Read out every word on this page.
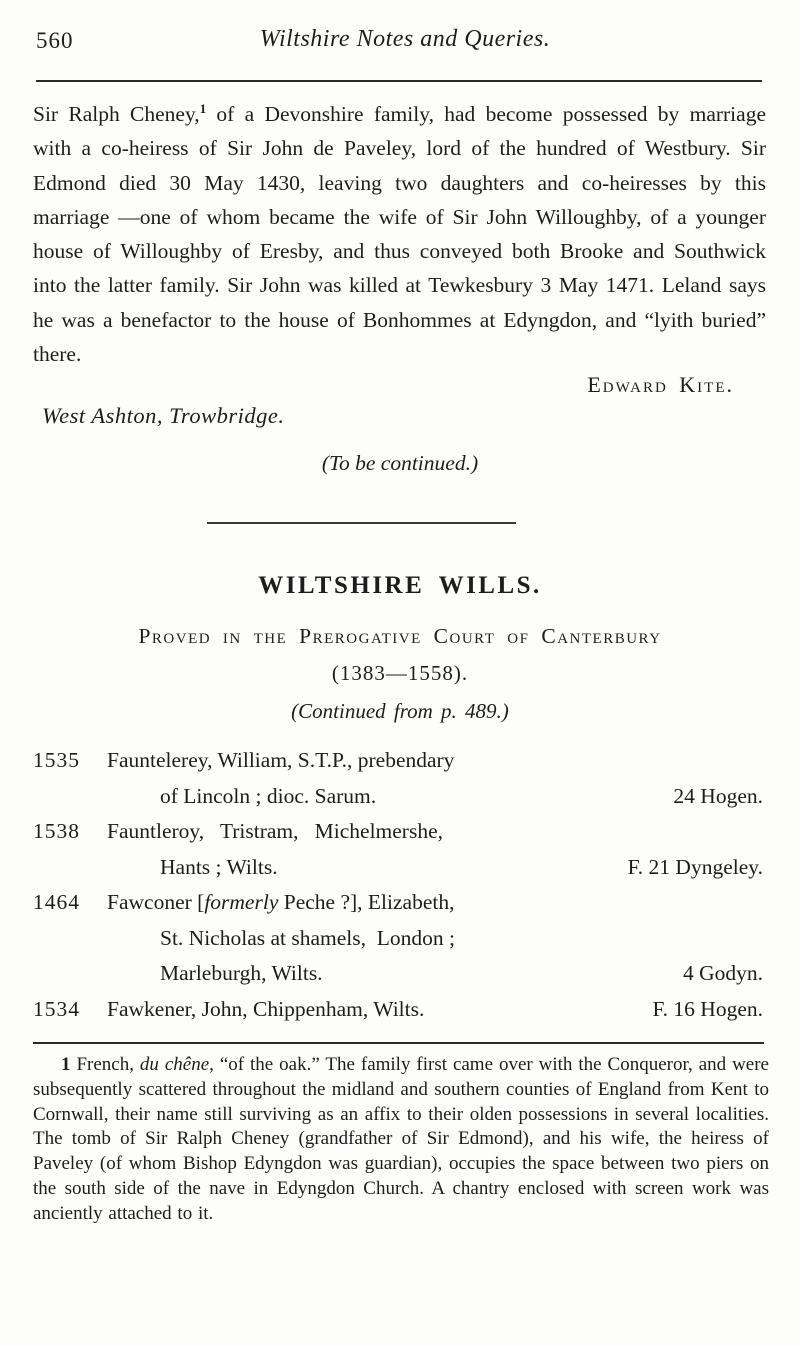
560	Wiltshire Notes and Queries.

Sir Ralph Cheney,$^1$ of a Devonshire family, had become possessed by marriage with a co-heiress of Sir John de Paveley, lord of the hundred of Westbury. Sir Edmond died 30 May 1430, leaving two daughters and co-heiresses by this marriage —one of whom became the wife of Sir John Willoughby, of a younger house of Willoughby of Eresby, and thus conveyed both Brooke and Southwick into the latter family. Sir John was killed at Tewkesbury 3 May 1471. Leland says he was a benefactor to the house of Bonhommes at Edyngdon, and “lyith buried” there.

Edward Kite.
West Ashton, Trowbridge.
(To be continued.)
WILTSHIRE WILLS.
Proved in the Prerogative Court of Canterbury
(1383—1558).
(Continued from p. 489.)
1535	Fauntelerey, William, S.T.P., prebendary
of Lincoln ; dioc. Sarum.	24 Hogen.
1538	Fauntleroy,  Tristram,  Michelmershe,
Hants ; Wilts.	F. 21 Dyngeley.
1464	Fawconer [formerly Peche ?], Elizabeth,
St. Nicholas at shamels, London ;
Marleburgh, Wilts.	4 Godyn.
1534	Fawkener, John, Chippenham, Wilts.	F. 16 Hogen.

1 French, du chêne, “of the oak.” The family first came over with the Conqueror, and were subsequently scattered throughout the midland and southern counties of England from Kent to Cornwall, their name still surviving as an affix to their olden possessions in several localities. The tomb of Sir Ralph Cheney (grandfather of Sir Edmond), and his wife, the heiress of Paveley (of whom Bishop Edyngdon was guardian), occupies the space between two piers on the south side of the nave in Edyngdon Church. A chantry enclosed with screen work was anciently attached to it.
